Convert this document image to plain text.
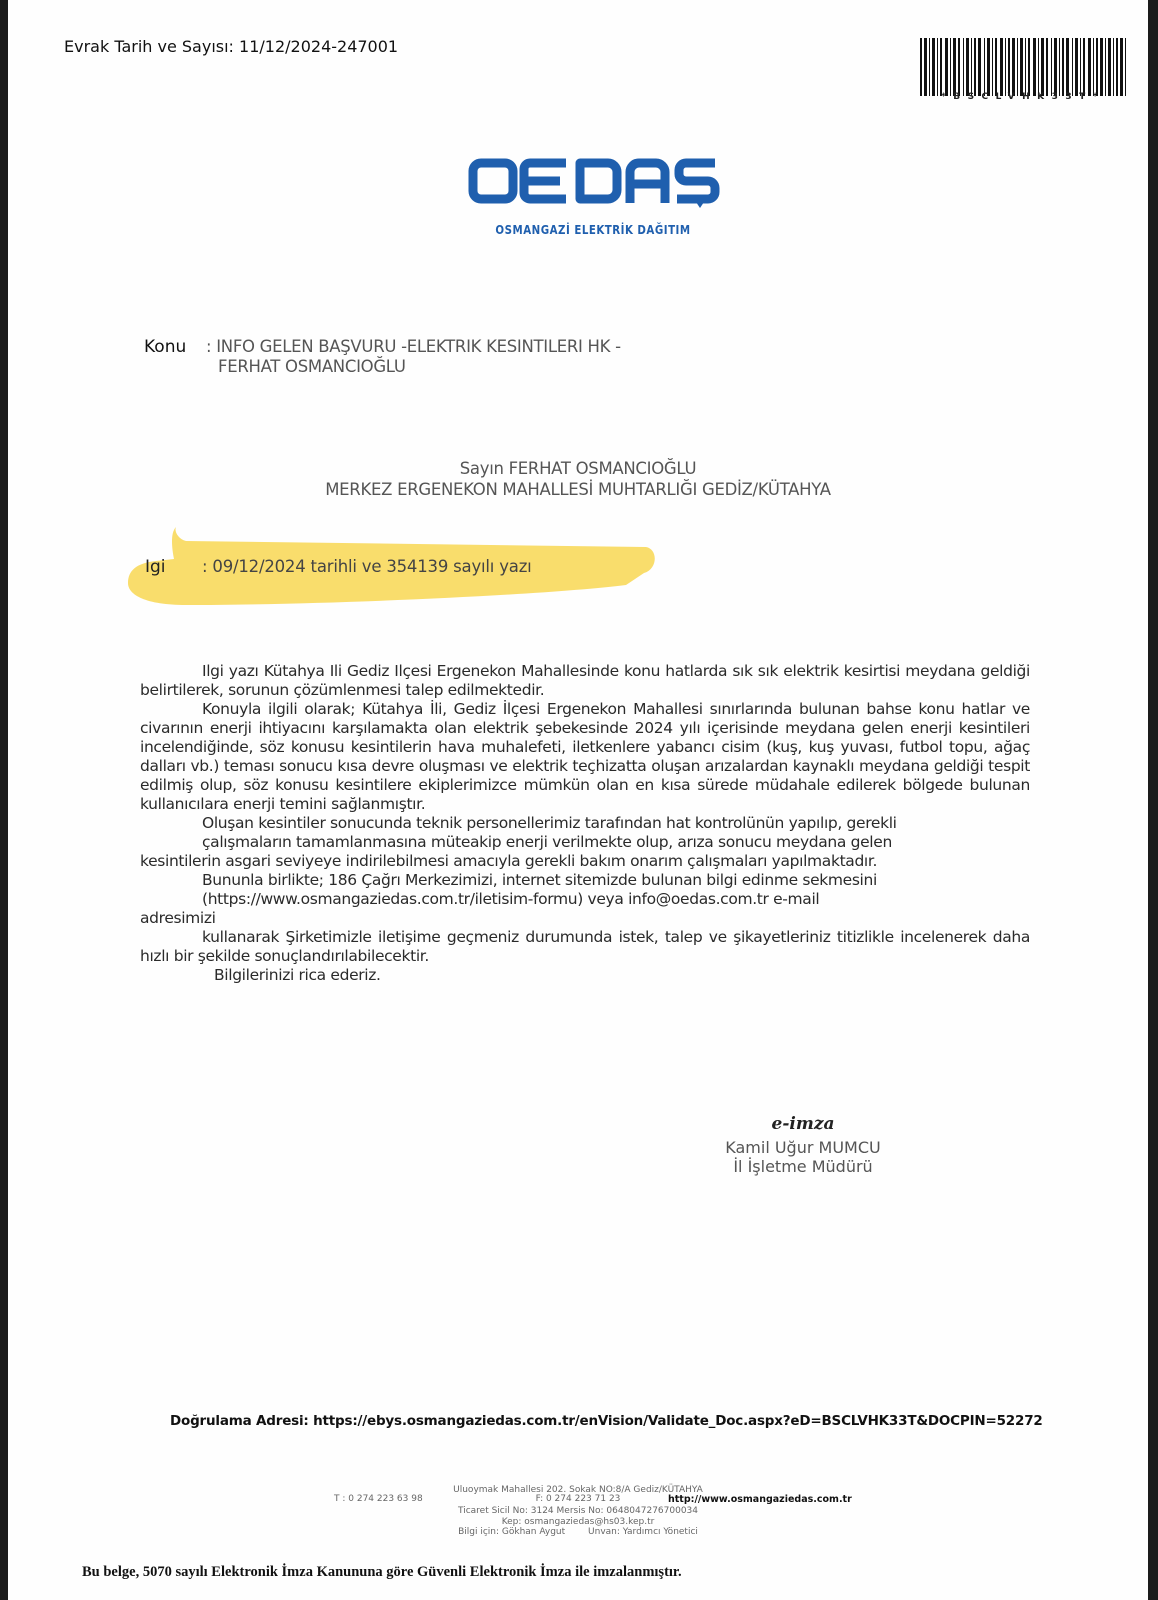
Evrak Tarih ve Sayısı: 11/12/2024-247001
*BSCLVHK33T*
OSMANGAZİ ELEKTRİK DAĞITIM
Konu : INFO GELEN BAŞVURU -ELEKTRIK KESINTILERI HK -
FERHAT OSMANCIOĞLU
Sayın FERHAT OSMANCIOĞLU
MERKEZ ERGENEKON MAHALLESİ MUHTARLIĞI GEDİZ/KÜTAHYA
Igi : 09/12/2024 tarihli ve 354139 sayılı yazı

Ilgi yazı Kütahya Ili Gediz Ilçesi Ergenekon Mahallesinde konu hatlarda sık sık elektrik kesirtisi meydana geldiği belirtilerek, sorunun çözümlenmesi talep edilmektedir.

Konuyla ilgili olarak; Kütahya İli, Gediz İlçesi Ergenekon Mahallesi sınırlarında bulunan bahse konu hatlar ve civarının enerji ihtiyacını karşılamakta olan elektrik şebekesinde 2024 yılı içerisinde meydana gelen enerji kesintileri incelendiğinde, söz konusu kesintilerin hava muhalefeti, iletkenlere yabancı cisim (kuş, kuş yuvası, futbol topu, ağaç dalları vb.) teması sonucu kısa devre oluşması ve elektrik teçhizatta oluşan arızalardan kaynaklı meydana geldiği tespit edilmiş olup, söz konusu kesintilere ekiplerimizce mümkün olan en kısa sürede müdahale edilerek bölgede bulunan kullanıcılara enerji temini sağlanmıştır.

Oluşan kesintiler sonucunda teknik personellerimiz tarafından hat kontrolünün yapılıp, gerekli

çalışmaların tamamlanmasına müteakip enerji verilmekte olup, arıza sonucu meydana gelen

kesintilerin asgari seviyeye indirilebilmesi amacıyla gerekli bakım onarım çalışmaları yapılmaktadır.

Bununla birlikte; 186 Çağrı Merkezimizi, internet sitemizde bulunan bilgi edinme sekmesini

(https://www.osmangaziedas.com.tr/iletisim-formu) veya info@oedas.com.tr e-mail

adresimizi

kullanarak Şirketimizle iletişime geçmeniz durumunda istek, talep ve şikayetleriniz titizlikle incelenerek daha hızlı bir şekilde sonuçlandırılabilecektir.

Bilgilerinizi rica ederiz.

e-imza
Kamil Uğur MUMCU
İl İşletme Müdürü
Doğrulama Adresi: https://ebys.osmangaziedas.com.tr/enVision/Validate_Doc.aspx?eD=BSCLVHK33T&DOCPIN=52272
Uluoymak Mahallesi 202. Sokak NO:8/A Gediz/KÜTAHYA
T : 0 274 223 63 98	F: 0 274 223 71 23	http://www.osmangaziedas.com.tr
Ticaret Sicil No: 3124 Mersis No: 0648047276700034
Kep: osmangaziedas@hs03.kep.tr
Bilgi için: Gökhan Aygut	Unvan: Yardımcı Yönetici
Bu belge, 5070 sayılı Elektronik İmza Kanununa göre Güvenli Elektronik İmza ile imzalanmıştır.
